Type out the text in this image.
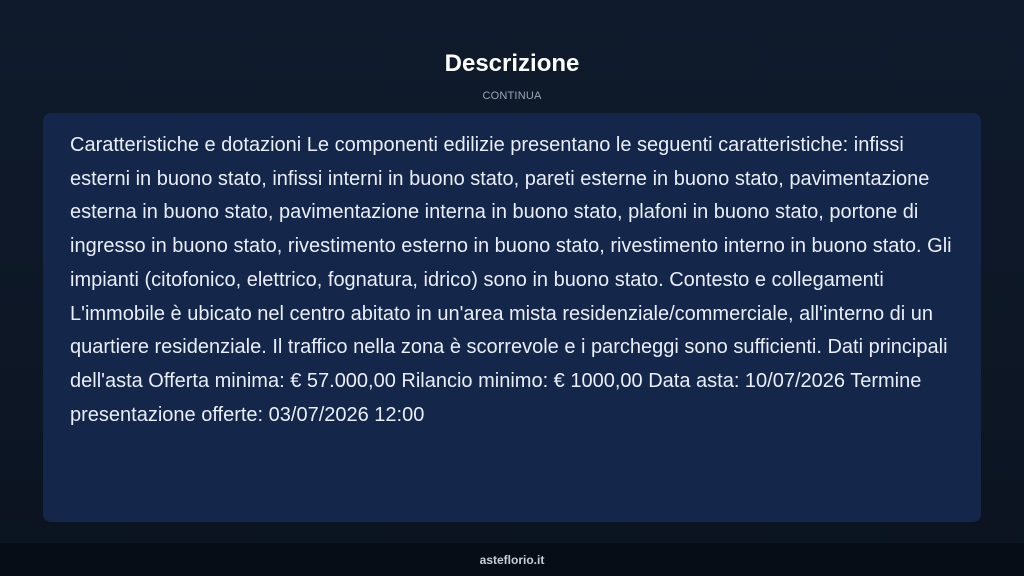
Descrizione
CONTINUA

Caratteristiche e dotazioni Le componenti edilizie presentano le seguenti caratteristiche: infissi esterni in buono stato, infissi interni in buono stato, pareti esterne in buono stato, pavimentazione esterna in buono stato, pavimentazione interna in buono stato, plafoni in buono stato, portone di ingresso in buono stato, rivestimento esterno in buono stato, rivestimento interno in buono stato. Gli impianti (citofonico, elettrico, fognatura, idrico) sono in buono stato. Contesto e collegamenti L'immobile è ubicato nel centro abitato in un'area mista residenziale/commerciale, all'interno di un quartiere residenziale. Il traffico nella zona è scorrevole e i parcheggi sono sufficienti. Dati principali dell'asta Offerta minima: € 57.000,00 Rilancio minimo: € 1000,00 Data asta: 10/07/2026 Termine presentazione offerte: 03/07/2026 12:00

asteflorio.it
